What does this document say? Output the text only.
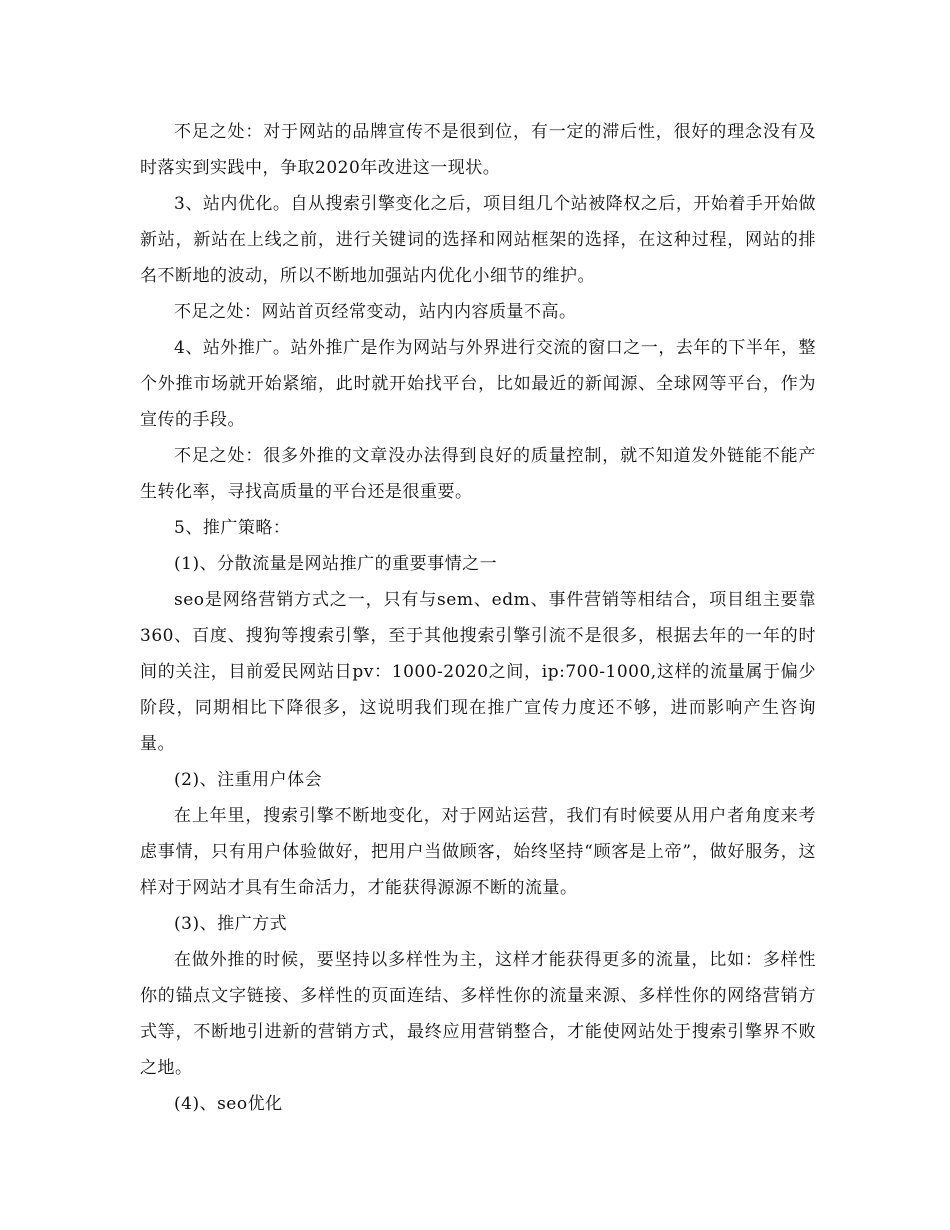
不足之处：对于网站的品牌宣传不是很到位，有一定的滞后性，很好的理念没有及时落实到实践中，争取2020年改进这一现状。

3、站内优化。自从搜索引擎变化之后，项目组几个站被降权之后，开始着手开始做新站，新站在上线之前，进行关键词的选择和网站框架的选择，在这种过程，网站的排名不断地的波动，所以不断地加强站内优化小细节的维护。

不足之处：网站首页经常变动，站内内容质量不高。

4、站外推广。站外推广是作为网站与外界进行交流的窗口之一，去年的下半年，整个外推市场就开始紧缩，此时就开始找平台，比如最近的新闻源、全球网等平台，作为宣传的手段。

不足之处：很多外推的文章没办法得到良好的质量控制，就不知道发外链能不能产生转化率，寻找高质量的平台还是很重要。

5、推广策略：

(1)、分散流量是网站推广的重要事情之一

seo是网络营销方式之一，只有与sem、edm、事件营销等相结合，项目组主要靠360、百度、搜狗等搜索引擎，至于其他搜索引擎引流不是很多，根据去年的一年的时间的关注，目前爱民网站日pv：1000-2020之间，ip:700-1000,这样的流量属于偏少阶段，同期相比下降很多，这说明我们现在推广宣传力度还不够，进而影响产生咨询量。

(2)、注重用户体会

在上年里，搜索引擎不断地变化，对于网站运营，我们有时候要从用户者角度来考虑事情，只有用户体验做好，把用户当做顾客，始终坚持“顾客是上帝”，做好服务，这样对于网站才具有生命活力，才能获得源源不断的流量。

(3)、推广方式

在做外推的时候，要坚持以多样性为主，这样才能获得更多的流量，比如：多样性你的锚点文字链接、多样性的页面连结、多样性你的流量来源、多样性你的网络营销方式等，不断地引进新的营销方式，最终应用营销整合，才能使网站处于搜索引擎界不败之地。

(4)、seo优化
